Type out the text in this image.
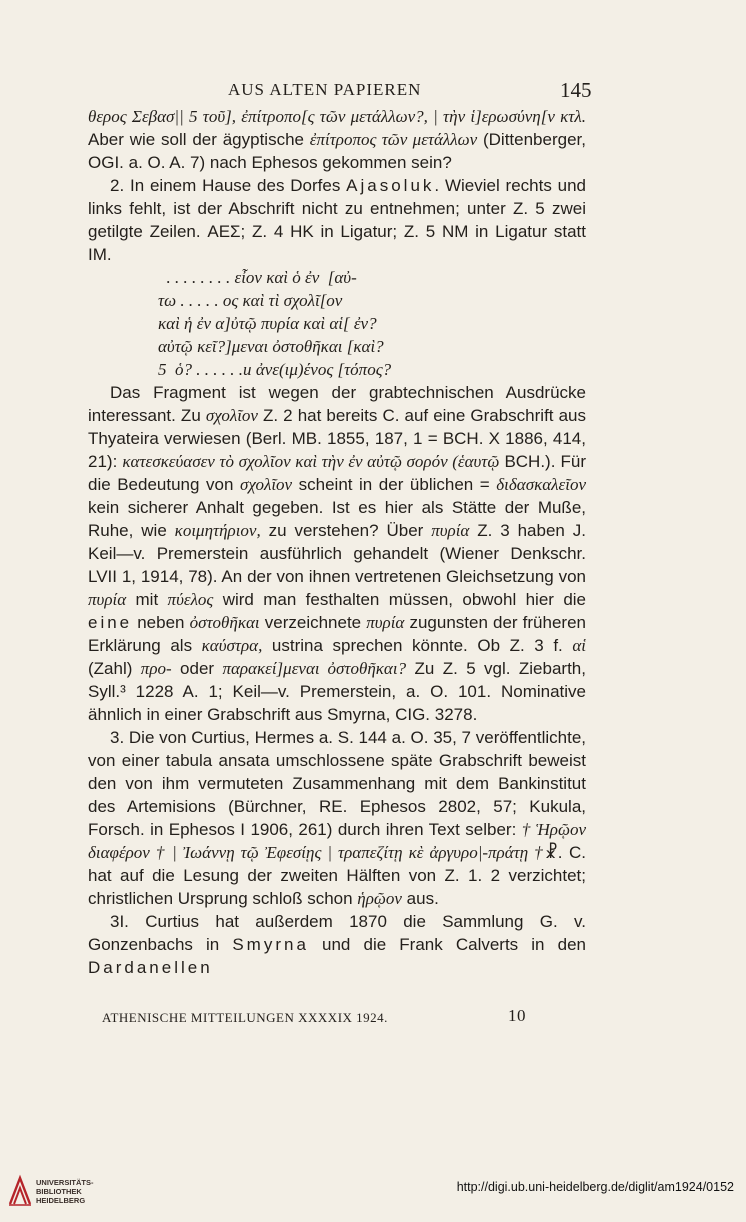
AUS ALTEN PAPIEREN	145

θερος Σεβασ|| 5 τοῦ], ἐπίτροπο[ς τῶν μετάλλων?, | τὴν ἱ]ερωσύνη[ν κτλ. Aber wie soll der ägyptische ἐπίτροπος τῶν μετάλλων (Dittenberger, OGI. a. O. A. 7) nach Ephesos gekommen sein?

2. In einem Hause des Dorfes Ajasoluk. Wieviel rechts und links fehlt, ist der Abschrift nicht zu entnehmen; unter Z. 5 zwei getilgte Zeilen. ΑΕΣ; Z. 4 HK in Ligatur; Z. 5 NM in Ligatur statt IM.

. . . . . . . . εἶον καὶ ὁ ἐν  [αὐ-
τω . . . . . ος καὶ τὶ σχολῖ[ον
καὶ ἡ ἐν α]ὐτῷ πυρία καὶ αἱ[ ἐν?
αὐτῷ κεῖ?]μεναι ὀστοθῆκαι [καὶ?
5  ὁ? . . . . . .ᴎ ἀνε(ιμ)ένος [τόπος?

Das Fragment ist wegen der grabtechnischen Ausdrücke interessant. Zu σχολῖον Z. 2 hat bereits C. auf eine Grabschrift aus Thyateira verwiesen (Berl. MB. 1855, 187, 1 = BCH. X 1886, 414, 21): κατεσκεύασεν τὸ σχολῖον καὶ τὴν ἐν αὐτῷ σορόν (ἑαυτῷ BCH.). Für die Bedeutung von σχολῖον scheint in der üblichen = διδασκαλεῖον kein sicherer Anhalt gegeben. Ist es hier als Stätte der Muße, Ruhe, wie κοιμητήριον, zu verstehen? Über πυρία Z. 3 haben J. Keil—v. Premerstein ausführlich gehandelt (Wiener Denkschr. LVII 1, 1914, 78). An der von ihnen vertretenen Gleichsetzung von πυρία mit πύελος wird man festhalten müssen, obwohl hier die eine neben ὀστοθῆκαι verzeichnete πυρία zugunsten der früheren Erklärung als καύστρα, ustrina sprechen könnte. Ob Z. 3 f. αἱ (Zahl) προ- oder παρακεί]μεναι ὀστοθῆκαι? Zu Z. 5 vgl. Ziebarth, Syll.³ 1228 A. 1; Keil—v. Premerstein, a. O. 101. Nominative ähnlich in einer Grabschrift aus Smyrna, CIG. 3278.

3. Die von Curtius, Hermes a. S. 144 a. O. 35, 7 veröffentlichte, von einer tabula ansata umschlossene späte Grabschrift beweist den von ihm vermuteten Zusammenhang mit dem Bankinstitut des Artemisions (Bürchner, RE. Ephesos 2802, 57; Kukula, Forsch. in Ephesos I 1906, 261) durch ihren Text selber: † Ἡρῷον διαφέρον † | Ἰωάννῃ τῷ Ἐφεσίῃς | τραπεζίτῃ κὲ ἀργυρο|-πράτῃ †☧. C. hat auf die Lesung der zweiten Hälften von Z. 1. 2 verzichtet; christlichen Ursprung schloß schon ἡρῷον aus.

3I. Curtius hat außerdem 1870 die Sammlung G. v. Gonzenbachs in Smyrna und die Frank Calverts in den Dardanellen

ATHENISCHE MITTEILUNGEN XXXXIX 1924.	10
UNIVERSITÄTS-
BIBLIOTHEK
HEIDELBERG
http://digi.ub.uni-heidelberg.de/diglit/am1924/0152
